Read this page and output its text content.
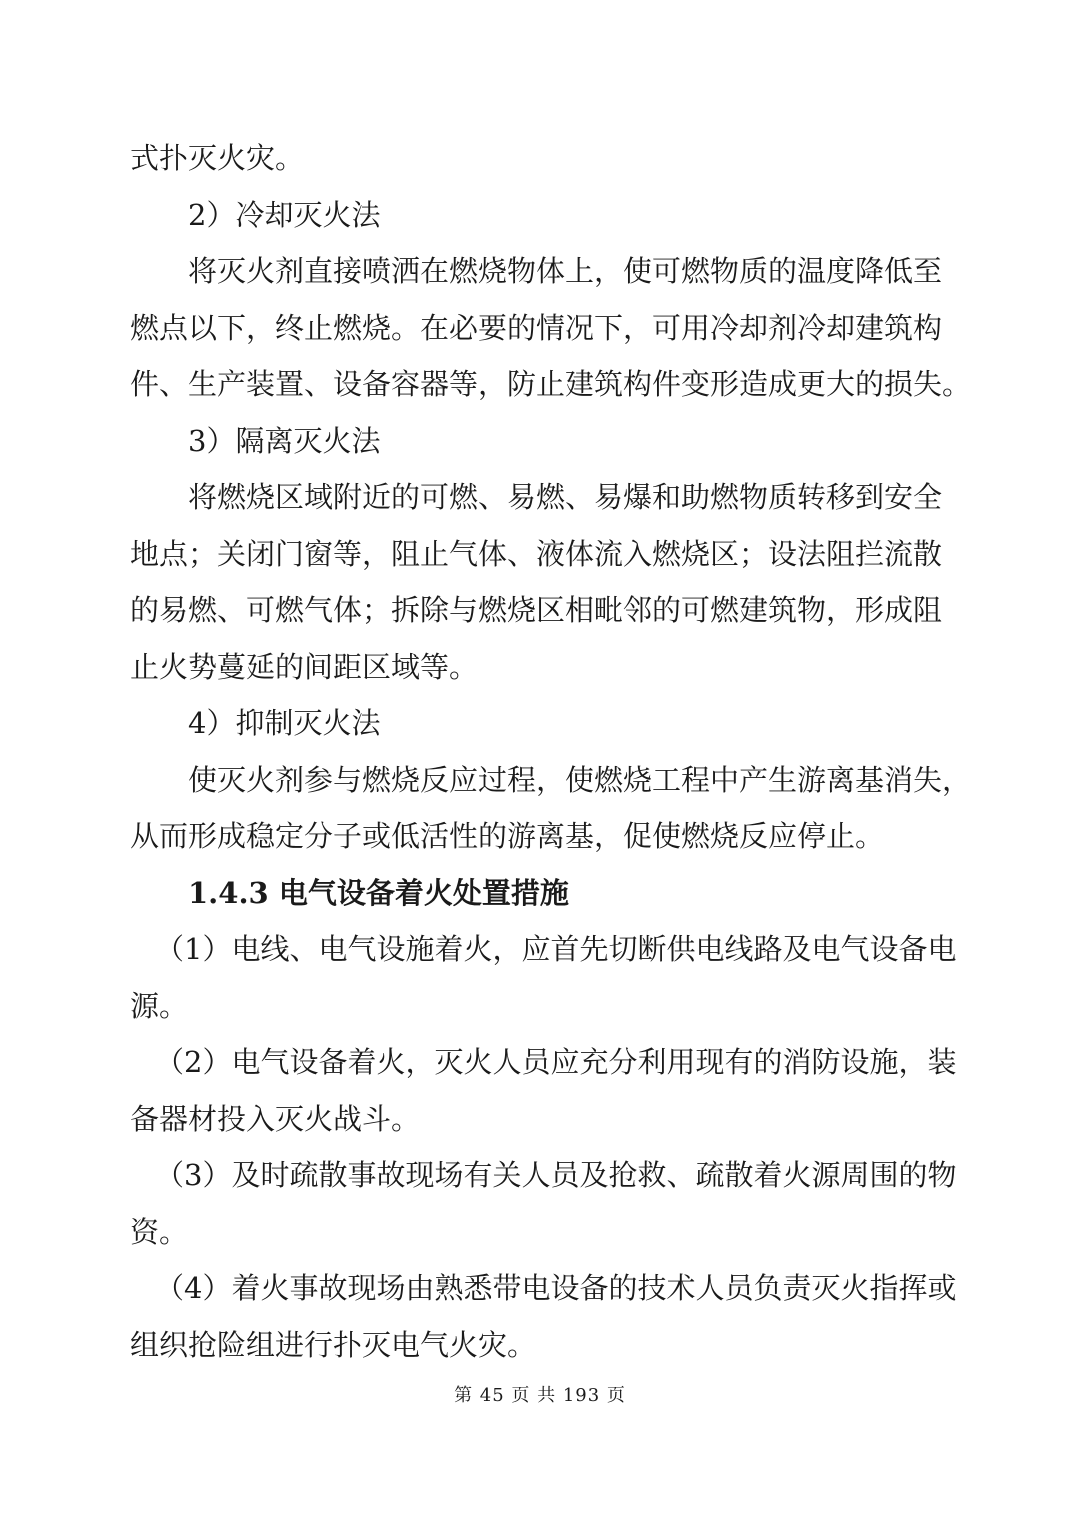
式扑灭火灾。
2）冷却灭火法
将灭火剂直接喷洒在燃烧物体上，使可燃物质的温度降低至
燃点以下，终止燃烧。在必要的情况下，可用冷却剂冷却建筑构
件、生产装置、设备容器等，防止建筑构件变形造成更大的损失。
3）隔离灭火法
将燃烧区域附近的可燃、易燃、易爆和助燃物质转移到安全
地点；关闭门窗等，阻止气体、液体流入燃烧区；设法阻拦流散
的易燃、可燃气体；拆除与燃烧区相毗邻的可燃建筑物，形成阻
止火势蔓延的间距区域等。
4）抑制灭火法
使灭火剂参与燃烧反应过程，使燃烧工程中产生游离基消失，
从而形成稳定分子或低活性的游离基，促使燃烧反应停止。
1.4.3 电气设备着火处置措施
（1）电线、电气设施着火，应首先切断供电线路及电气设备电
源。
（2）电气设备着火，灭火人员应充分利用现有的消防设施，装
备器材投入灭火战斗。
（3）及时疏散事故现场有关人员及抢救、疏散着火源周围的物
资。
（4）着火事故现场由熟悉带电设备的技术人员负责灭火指挥或
组织抢险组进行扑灭电气火灾。
第 45 页 共 193 页
